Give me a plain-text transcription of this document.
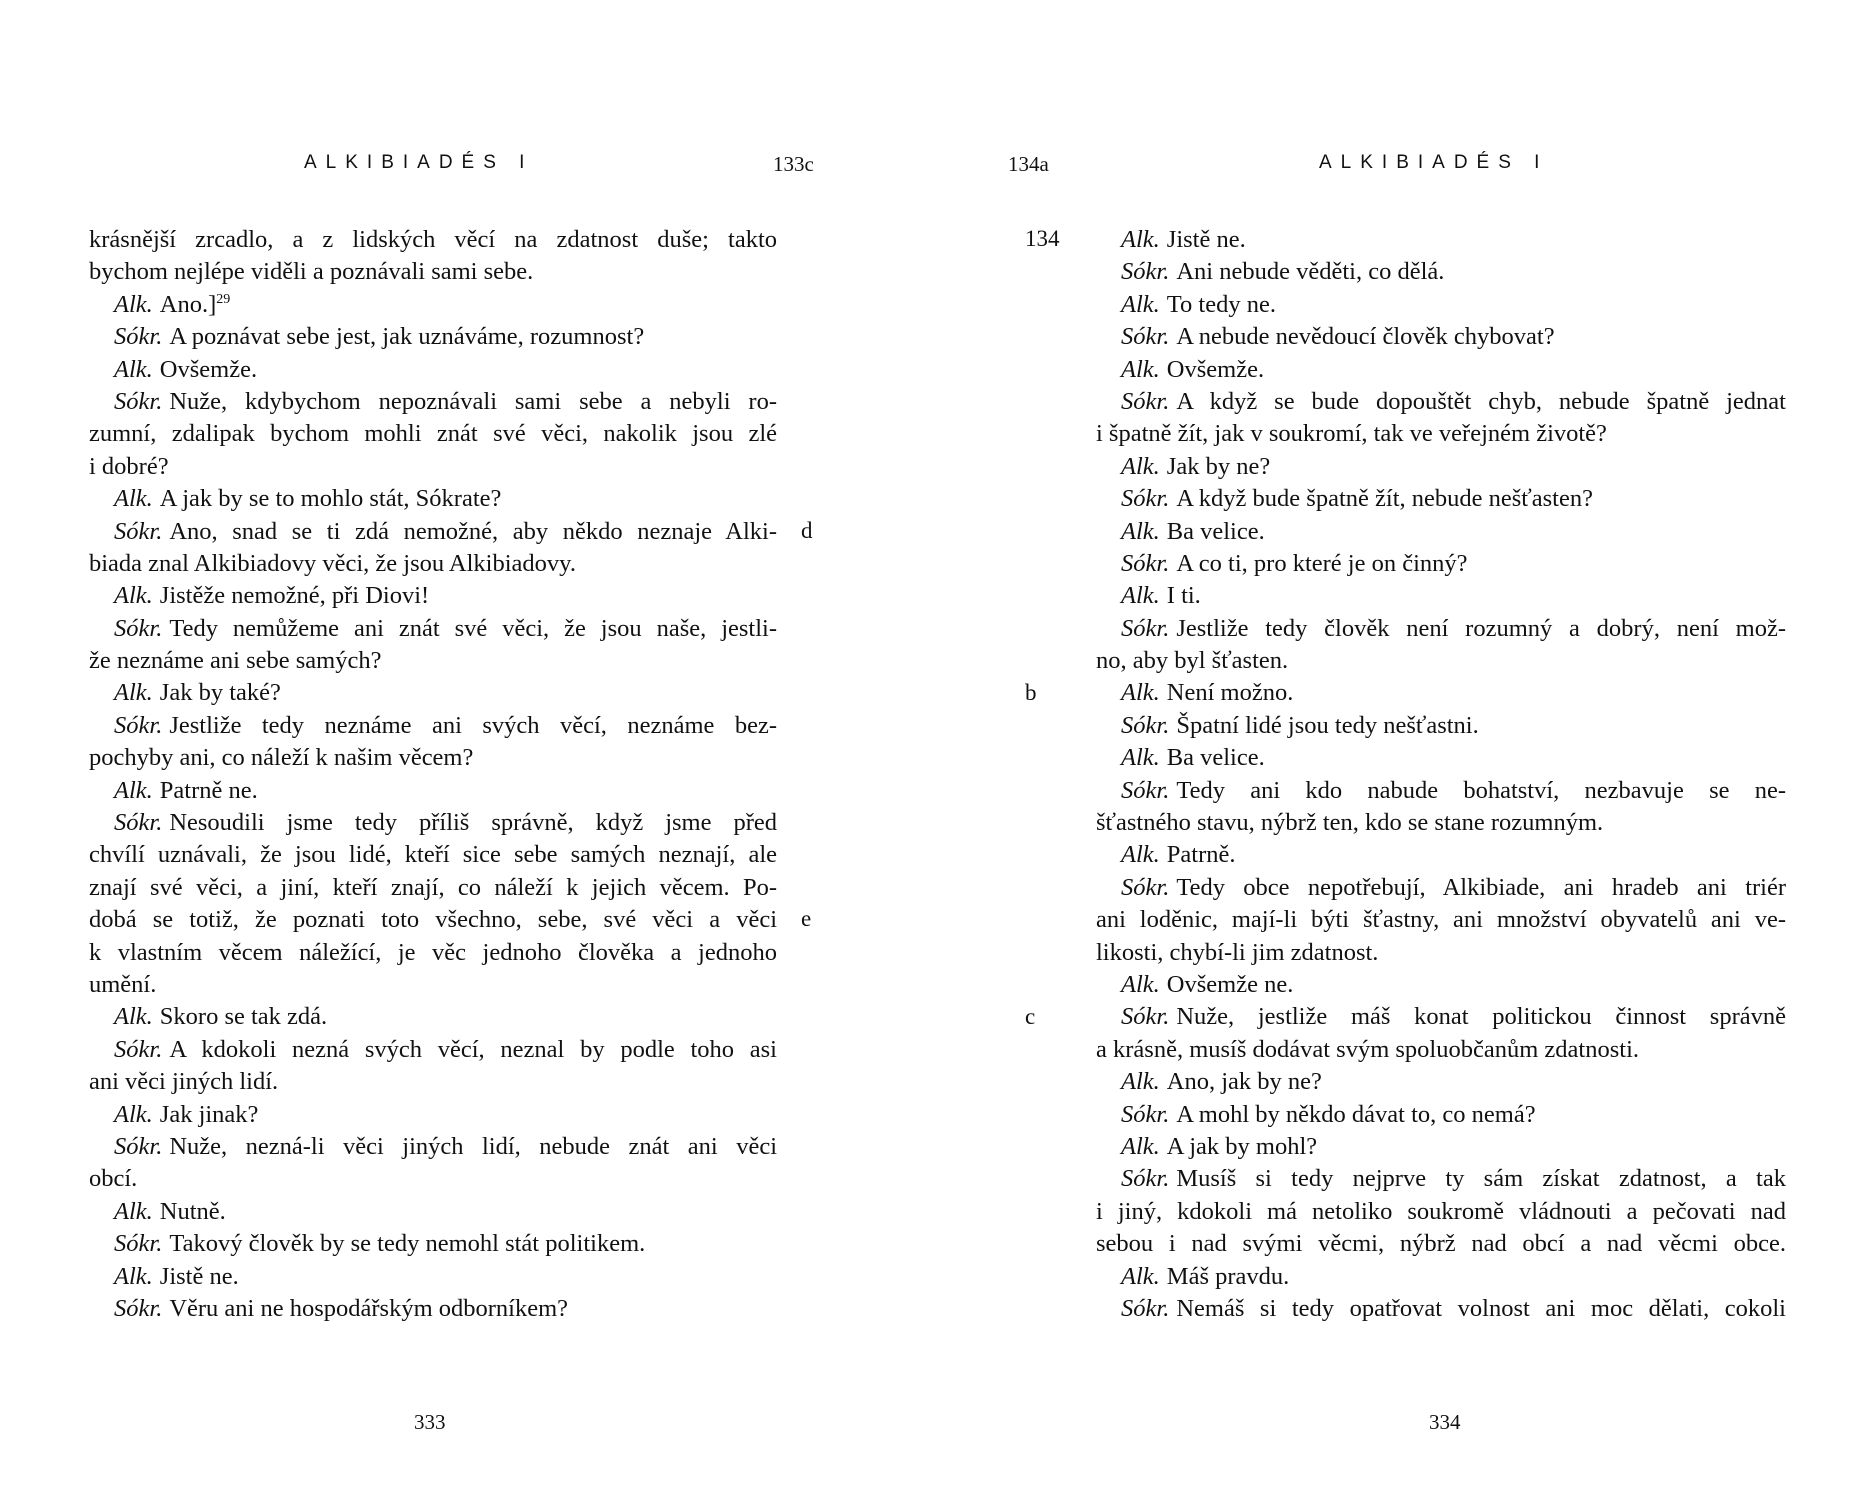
ALKIBIADÉS I	133c
krásnější zrcadlo, a z lidských věcí na zdatnost duše; takto
bychom nejlépe viděli a poznávali sami sebe.
Alk. Ano.]$^{29}$
Sókr. A poznávat sebe jest, jak uznáváme, rozumnost?
Alk. Ovšemže.
Sókr. Nuže, kdybychom nepoznávali sami sebe a nebyli ro-
zumní, zdalipak bychom mohli znát své věci, nakolik jsou zlé
i dobré?
Alk. A jak by se to mohlo stát, Sókrate?
Sókr. Ano, snad se ti zdá nemožné, aby někdo neznaje Alki-
biada znal Alkibiadovy věci, že jsou Alkibiadovy.
Alk. Jistěže nemožné, při Diovi!
Sókr. Tedy nemůžeme ani znát své věci, že jsou naše, jestli-
že neznáme ani sebe samých?
Alk. Jak by také?
Sókr. Jestliže tedy neznáme ani svých věcí, neznáme bez-
pochyby ani, co náleží k našim věcem?
Alk. Patrně ne.
Sókr. Nesoudili jsme tedy příliš správně, když jsme před
chvílí uznávali, že jsou lidé, kteří sice sebe samých neznají, ale
znají své věci, a jiní, kteří znají, co náleží k jejich věcem. Po-
dobá se totiž, že poznati toto všechno, sebe, své věci a věci
k vlastním věcem náležící, je věc jednoho člověka a jednoho
umění.
Alk. Skoro se tak zdá.
Sókr. A kdokoli nezná svých věcí, neznal by podle toho asi
ani věci jiných lidí.
Alk. Jak jinak?
Sókr. Nuže, nezná-li věci jiných lidí, nebude znát ani věci
obcí.
Alk. Nutně.
Sókr. Takový člověk by se tedy nemohl stát politikem.
Alk. Jistě ne.
Sókr. Věru ani ne hospodářským odborníkem?
d
e
333
134a	ALKIBIADÉS I
Alk. Jistě ne.
Sókr. Ani nebude věděti, co dělá.
Alk. To tedy ne.
Sókr. A nebude nevědoucí člověk chybovat?
Alk. Ovšemže.
Sókr. A když se bude dopouštět chyb, nebude špatně jednat
i špatně žít, jak v soukromí, tak ve veřejném životě?
Alk. Jak by ne?
Sókr. A když bude špatně žít, nebude nešťasten?
Alk. Ba velice.
Sókr. A co ti, pro které je on činný?
Alk. I ti.
Sókr. Jestliže tedy člověk není rozumný a dobrý, není mož-
no, aby byl šťasten.
Alk. Není možno.
Sókr. Špatní lidé jsou tedy nešťastni.
Alk. Ba velice.
Sókr. Tedy ani kdo nabude bohatství, nezbavuje se ne-
šťastného stavu, nýbrž ten, kdo se stane rozumným.
Alk. Patrně.
Sókr. Tedy obce nepotřebují, Alkibiade, ani hradeb ani triér
ani loděnic, mají-li býti šťastny, ani množství obyvatelů ani ve-
likosti, chybí-li jim zdatnost.
Alk. Ovšemže ne.
Sókr. Nuže, jestliže máš konat politickou činnost správně
a krásně, musíš dodávat svým spoluobčanům zdatnosti.
Alk. Ano, jak by ne?
Sókr. A mohl by někdo dávat to, co nemá?
Alk. A jak by mohl?
Sókr. Musíš si tedy nejprve ty sám získat zdatnost, a tak
i jiný, kdokoli má netoliko soukromě vládnouti a pečovati nad
sebou i nad svými věcmi, nýbrž nad obcí a nad věcmi obce.
Alk. Máš pravdu.
Sókr. Nemáš si tedy opatřovat volnost ani moc dělati, cokoli
134
b
c
334
